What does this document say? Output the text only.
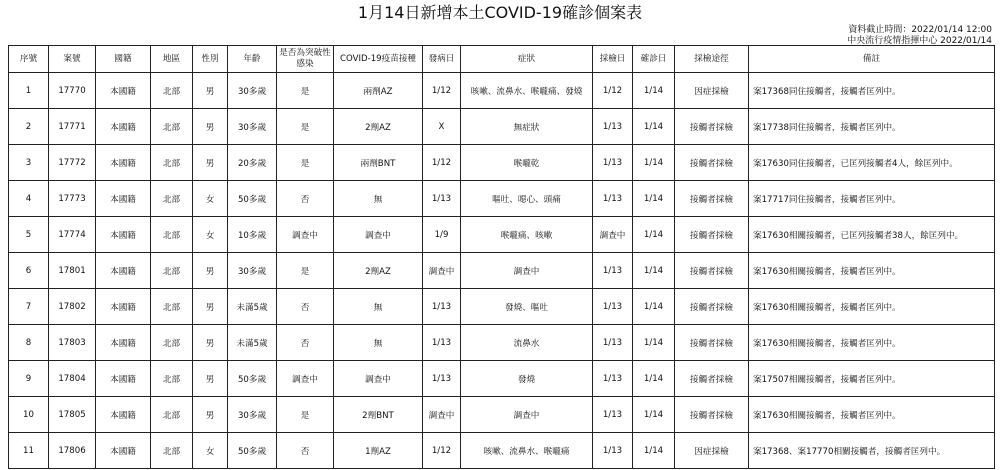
1月14日新增本土COVID-19確診個案表
資料截止時間：2022/01/14 12:00
中央流行疫情指揮中心 2022/01/14
序號	案號	國籍	地區	性別	年齡	是否為突破性感染	COVID-19疫苗接種	發病日	症狀	採檢日	確診日	採檢途徑	備註
1	17770	本國籍	北部	男	30多歲	是	兩劑AZ	1/12	咳嗽、流鼻水、喉嚨痛、發燒	1/12	1/14	因症採檢	案17368同住接觸者，接觸者匡列中。
2	17771	本國籍	北部	男	30多歲	是	2劑AZ	X	無症狀	1/13	1/14	接觸者採檢	案17738同住接觸者，接觸者匡列中。
3	17772	本國籍	北部	男	20多歲	是	兩劑BNT	1/12	喉嚨乾	1/13	1/14	接觸者採檢	案17630同住接觸者，已匡列接觸者4人，餘匡列中。
4	17773	本國籍	北部	女	50多歲	否	無	1/13	嘔吐、噁心、頭痛	1/13	1/14	接觸者採檢	案17717同住接觸者，接觸者匡列中。
5	17774	本國籍	北部	女	10多歲	調查中	調查中	1/9	喉嚨痛、咳嗽	調查中	1/14	接觸者採檢	案17630相關接觸者，已匡列接觸者38人，餘匡列中。
6	17801	本國籍	北部	男	30多歲	是	2劑AZ	調查中	調查中	1/13	1/14	接觸者採檢	案17630相關接觸者，接觸者匡列中。
7	17802	本國籍	北部	男	未滿5歲	否	無	1/13	發燒、嘔吐	1/13	1/14	接觸者採檢	案17630相關接觸者，接觸者匡列中。
8	17803	本國籍	北部	男	未滿5歲	否	無	1/13	流鼻水	1/13	1/14	接觸者採檢	案17630相關接觸者，接觸者匡列中。
9	17804	本國籍	北部	男	50多歲	調查中	調查中	1/13	發燒	1/13	1/14	接觸者採檢	案17507相關接觸者，接觸者匡列中。
10	17805	本國籍	北部	男	30多歲	是	2劑BNT	調查中	調查中	1/13	1/14	接觸者採檢	案17630相關接觸者，接觸者匡列中。
11	17806	本國籍	北部	女	50多歲	否	1劑AZ	1/12	咳嗽、流鼻水、喉嚨痛	1/13	1/14	因症採檢	案17368、案17770相關接觸者，接觸者匡列中。
